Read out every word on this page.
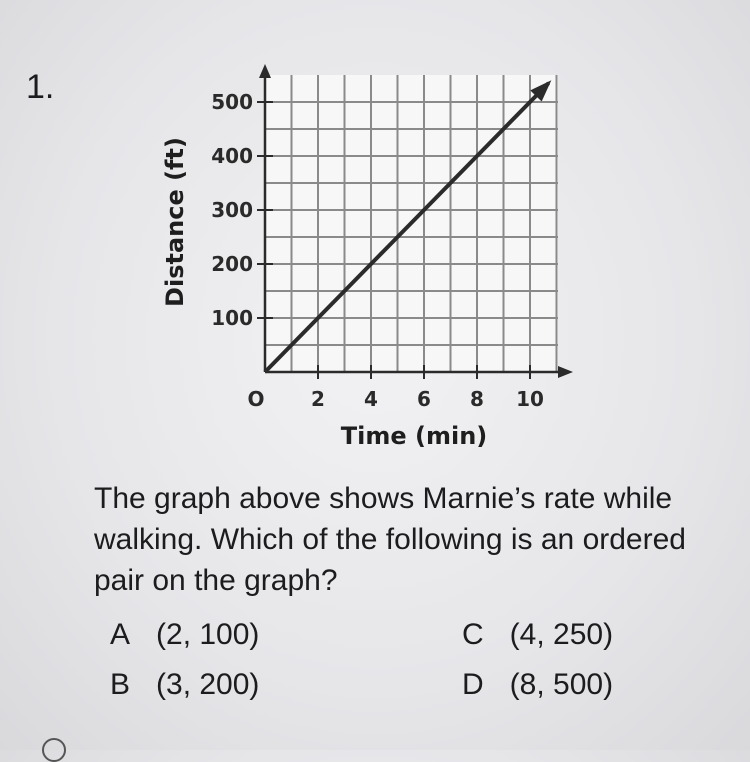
1.
100
200
300
400
500
2 4 6 8 10
O
Time (min)
Distance (ft)
The graph above shows Marnie’s rate while walking. Which of the following is an ordered pair on the graph?
A (2, 100)
B (3, 200)
C (4, 250)
D (8, 500)
